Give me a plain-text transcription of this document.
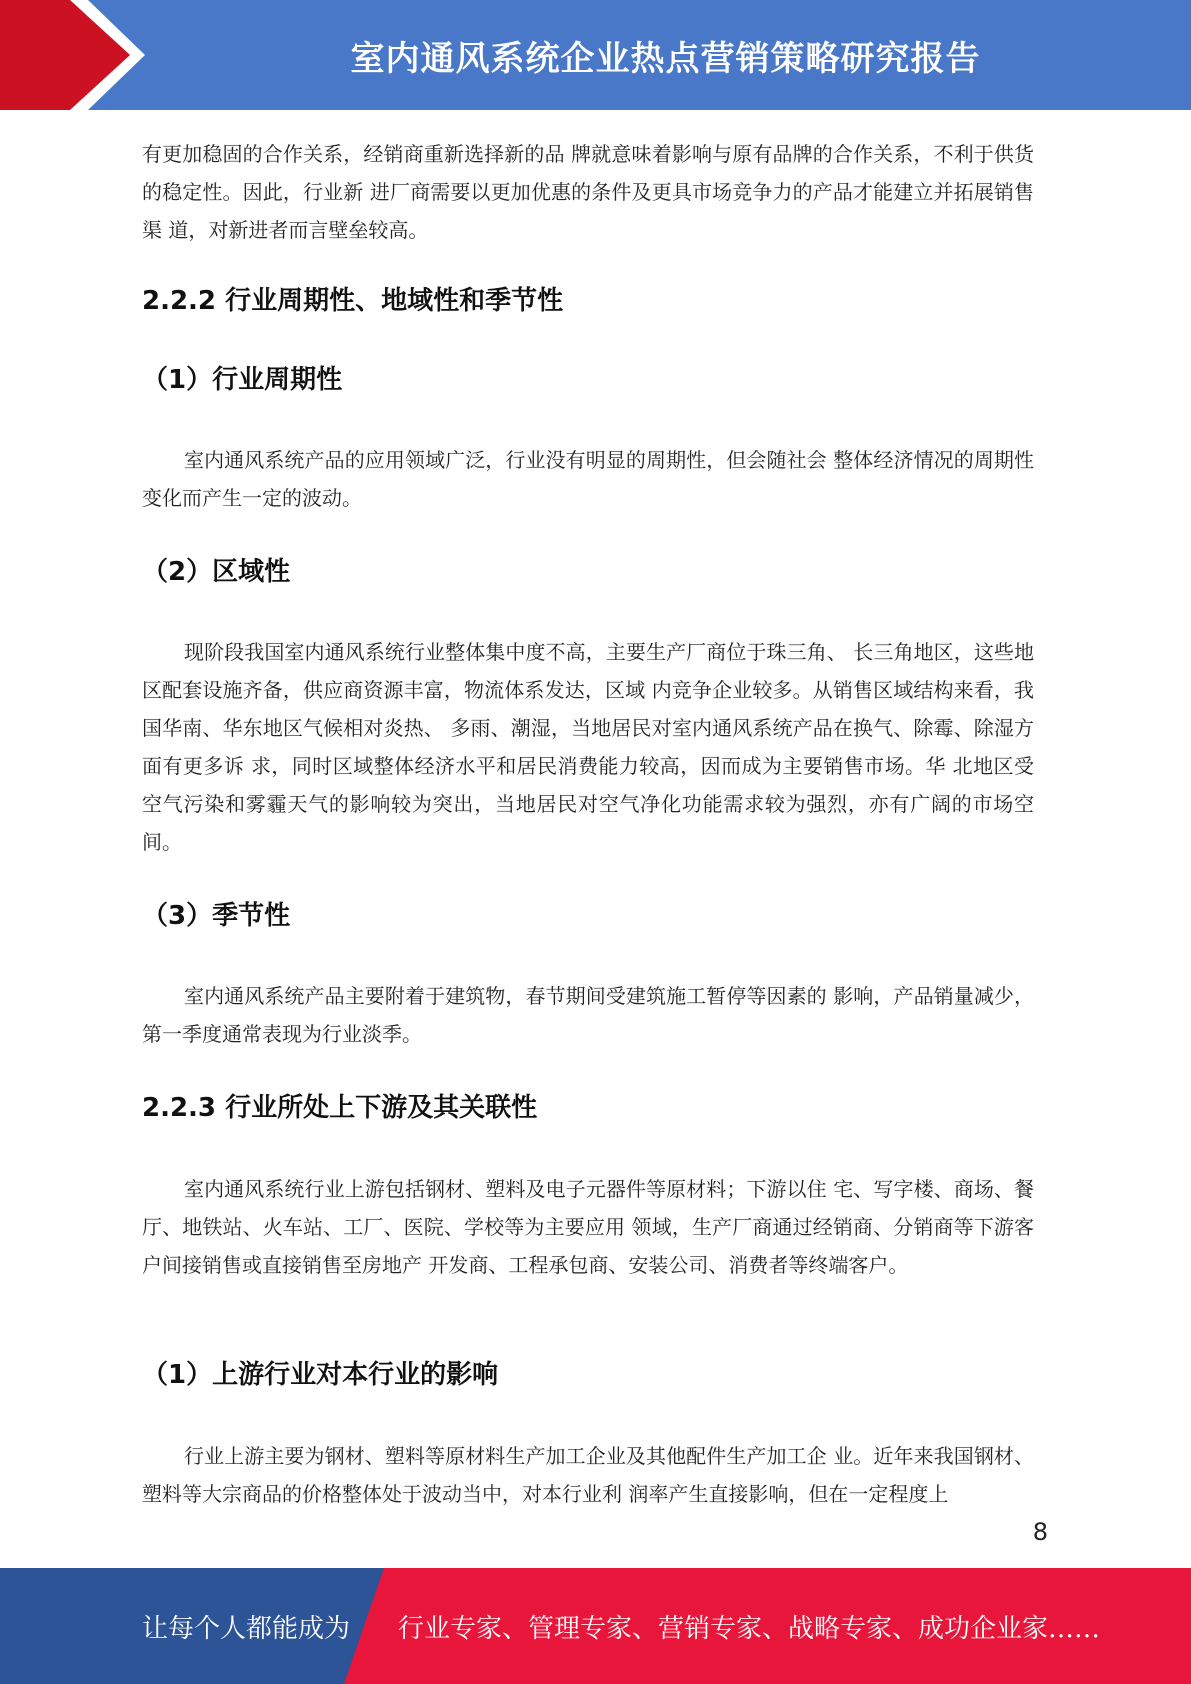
室内通风系统企业热点营销策略研究报告

有更加稳固的合作关系，经销商重新选择新的品 牌就意味着影响与原有品牌的合作关系，不利于供货的稳定性。因此，行业新 进厂商需要以更加优惠的条件及更具市场竞争力的产品才能建立并拓展销售渠 道，对新进者而言壁垒较高。

2.2.2 行业周期性、地域性和季节性
（1）行业周期性

室内通风系统产品的应用领域广泛，行业没有明显的周期性，但会随社会 整体经济情况的周期性变化而产生一定的波动。

（2）区域性

现阶段我国室内通风系统行业整体集中度不高，主要生产厂商位于珠三角、 长三角地区，这些地区配套设施齐备，供应商资源丰富，物流体系发达，区域 内竞争企业较多。从销售区域结构来看，我国华南、华东地区气候相对炎热、 多雨、潮湿，当地居民对室内通风系统产品在换气、除霉、除湿方面有更多诉 求，同时区域整体经济水平和居民消费能力较高，因而成为主要销售市场。华 北地区受空气污染和雾霾天气的影响较为突出，当地居民对空气净化功能需求较为强烈，亦有广阔的市场空间。

（3）季节性

室内通风系统产品主要附着于建筑物，春节期间受建筑施工暂停等因素的 影响，产品销量减少，第一季度通常表现为行业淡季。

2.2.3 行业所处上下游及其关联性

室内通风系统行业上游包括钢材、塑料及电子元器件等原材料；下游以住 宅、写字楼、商场、餐厅、地铁站、火车站、工厂、医院、学校等为主要应用 领域，生产厂商通过经销商、分销商等下游客户间接销售或直接销售至房地产 开发商、工程承包商、安装公司、消费者等终端客户。

（1）上游行业对本行业的影响

行业上游主要为钢材、塑料等原材料生产加工企业及其他配件生产加工企 业。近年来我国钢材、塑料等大宗商品的价格整体处于波动当中，对本行业利 润率产生直接影响，但在一定程度上

8
让每个人都能成为 行业专家、管理专家、营销专家、战略专家、成功企业家……
